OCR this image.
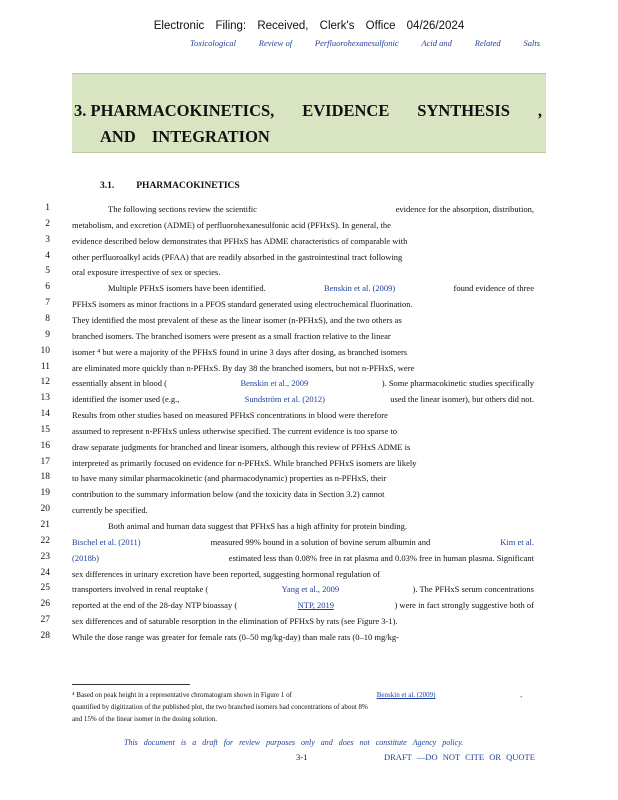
Electronic Filing: Received, Clerk's Office 04/26/2024
Toxicological	Review of	Perfluorohexanesulfonic	Acid and	Related	Salts
3. PHARMACOKINETICS, EVIDENCE SYNTHESIS ,
AND INTEGRATION
3.1. PHARMACOKINETICS
1	The following sections review the scientific	evidence for the absorption, distribution,
2	metabolism, and excretion (ADME) of perfluorohexanesulfonic acid (PFHxS). In general, the
3	evidence described below demonstrates that PFHxS has ADME characteristics of comparable with
4	other perfluoroalkyl acids (PFAA) that are readily absorbed in the gastrointestinal tract following
5	oral exposure irrespective of sex or species.
6	Multiple PFHxS isomers have been identified.	Benskin et al. (2009)	found evidence of three
7	PFHxS isomers as minor fractions in a PFOS standard generated using electrochemical fluorination.
8	They identified the most prevalent of these as the linear isomer (n-PFHxS), and the two others as
9	branched isomers. The branched isomers were present as a small fraction relative to the linear
10	isomer ⁴ but were a majority of the PFHxS found in urine 3 days after dosing, as branched isomers
11	are eliminated more quickly than n-PFHxS. By day 38 the branched isomers, but not n-PFHxS, were
12	essentially absent in blood (	Benskin et al., 2009	). Some pharmacokinetic studies specifically
13	identified the isomer used (e.g.,	Sundström et al. (2012)	used the linear isomer), but others did not.
14	Results from other studies based on measured PFHxS concentrations in blood were therefore
15	assumed to represent n-PFHxS unless otherwise specified. The current evidence is too sparse to
16	draw separate judgments for branched and linear isomers, although this review of PFHxS ADME is
17	interpreted as primarily focused on evidence for n-PFHxS. While branched PFHxS isomers are likely
18	to have many similar pharmacokinetic (and pharmacodynamic) properties as n-PFHxS, their
19	contribution to the summary information below (and the toxicity data in Section 3.2) cannot
20	currently be specified.
21	Both animal and human data suggest that PFHxS has a high affinity for protein binding.
22	Bischel et al. (2011)	measured 99% bound in a solution of bovine serum albumin and	Kim et al.
23	(2018b)	estimated less than 0.08% free in rat plasma and 0.03% free in human plasma. Significant
24	sex differences in urinary excretion have been reported, suggesting hormonal regulation of
25	transporters involved in renal reuptake (	Yang et al., 2009	). The PFHxS serum concentrations
26	reported at the end of the 28-day NTP bioassay (	NTP, 2019	) were in fact strongly suggestive both of
27	sex differences and of saturable resorption in the elimination of PFHxS by rats (see Figure 3-1).
28	While the dose range was greater for female rats (0–50 mg/kg-day) than male rats (0–10 mg/kg-
⁴ Based on peak height in a representative chromatogram shown in Figure 1 of	Benskin et al. (2009)	,
quantified by digitization of the published plot, the two branched isomers had concentrations of about 8%
and 15% of the linear isomer in the dosing solution.
This document is a draft for review purposes only and does not constitute Agency policy.
3-1	DRAFT —DO NOT CITE OR QUOTE
